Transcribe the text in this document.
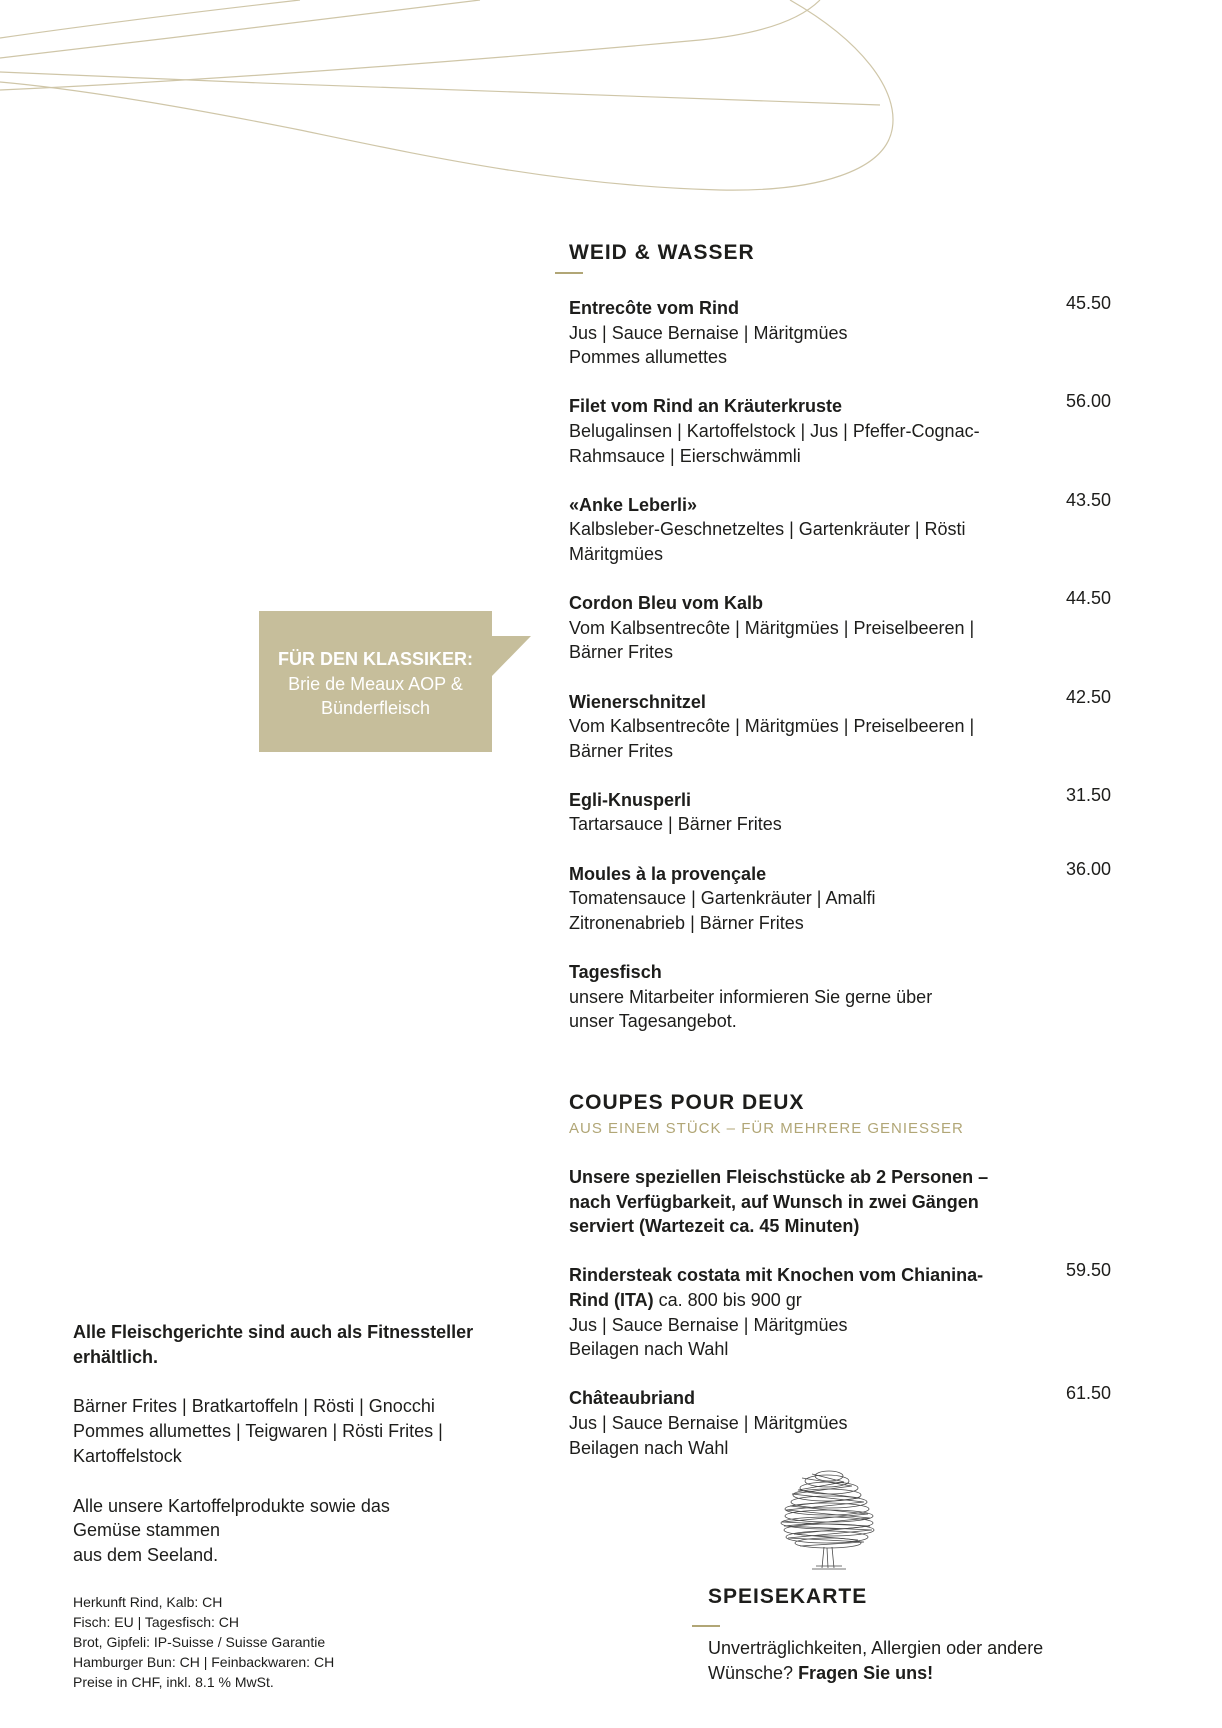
WEID & WASSER
Entrecôte vom Rind	45.50
Jus | Sauce Bernaise | Märitgmües
Pommes allumettes
Filet vom Rind an Kräuterkruste	56.00
Belugalinsen | Kartoffelstock | Jus | Pfeffer-Cognac-
Rahmsauce | Eierschwämmli
«Anke Leberli»	43.50
Kalbsleber-Geschnetzeltes | Gartenkräuter | Rösti
Märitgmües
Cordon Bleu vom Kalb	44.50
Vom Kalbsentrecôte | Märitgmües | Preiselbeeren |
Bärner Frites
Wienerschnitzel	42.50
Vom Kalbsentrecôte | Märitgmües | Preiselbeeren |
Bärner Frites
Egli-Knusperli	31.50
Tartarsauce | Bärner Frites
Moules à la provençale	36.00
Tomatensauce | Gartenkräuter | Amalfi
Zitronenabrieb | Bärner Frites
Tagesfisch
unsere Mitarbeiter informieren Sie gerne über
unser Tagesangebot.
COUPES POUR DEUX
AUS EINEM STÜCK – FÜR MEHRERE GENIESSER
Unsere speziellen Fleischstücke ab 2 Personen –
nach Verfügbarkeit, auf Wunsch in zwei Gängen
serviert (Wartezeit ca. 45 Minuten)
Rindersteak costata mit Knochen vom Chianina-	59.50
Rind (ITA) ca. 800 bis 900 gr
Jus | Sauce Bernaise | Märitgmües
Beilagen nach Wahl
Châteaubriand	61.50
Jus | Sauce Bernaise | Märitgmües
Beilagen nach Wahl
FÜR DEN KLASSIKER:
Brie de Meaux AOP &
Bünderfleisch
Alle Fleischgerichte sind auch als Fitnessteller
erhältlich.
Bärner Frites | Bratkartoffeln | Rösti | Gnocchi
Pommes allumettes | Teigwaren | Rösti Frites |
Kartoffelstock
Alle unsere Kartoffelprodukte sowie das
Gemüse stammen
aus dem Seeland.
Herkunft Rind, Kalb: CH
Fisch: EU | Tagesfisch: CH
Brot, Gipfeli: IP-Suisse / Suisse Garantie
Hamburger Bun: CH | Feinbackwaren: CH
Preise in CHF, inkl. 8.1 % MwSt.
SPEISEKARTE
Unverträglichkeiten, Allergien oder andere
Wünsche? Fragen Sie uns!
